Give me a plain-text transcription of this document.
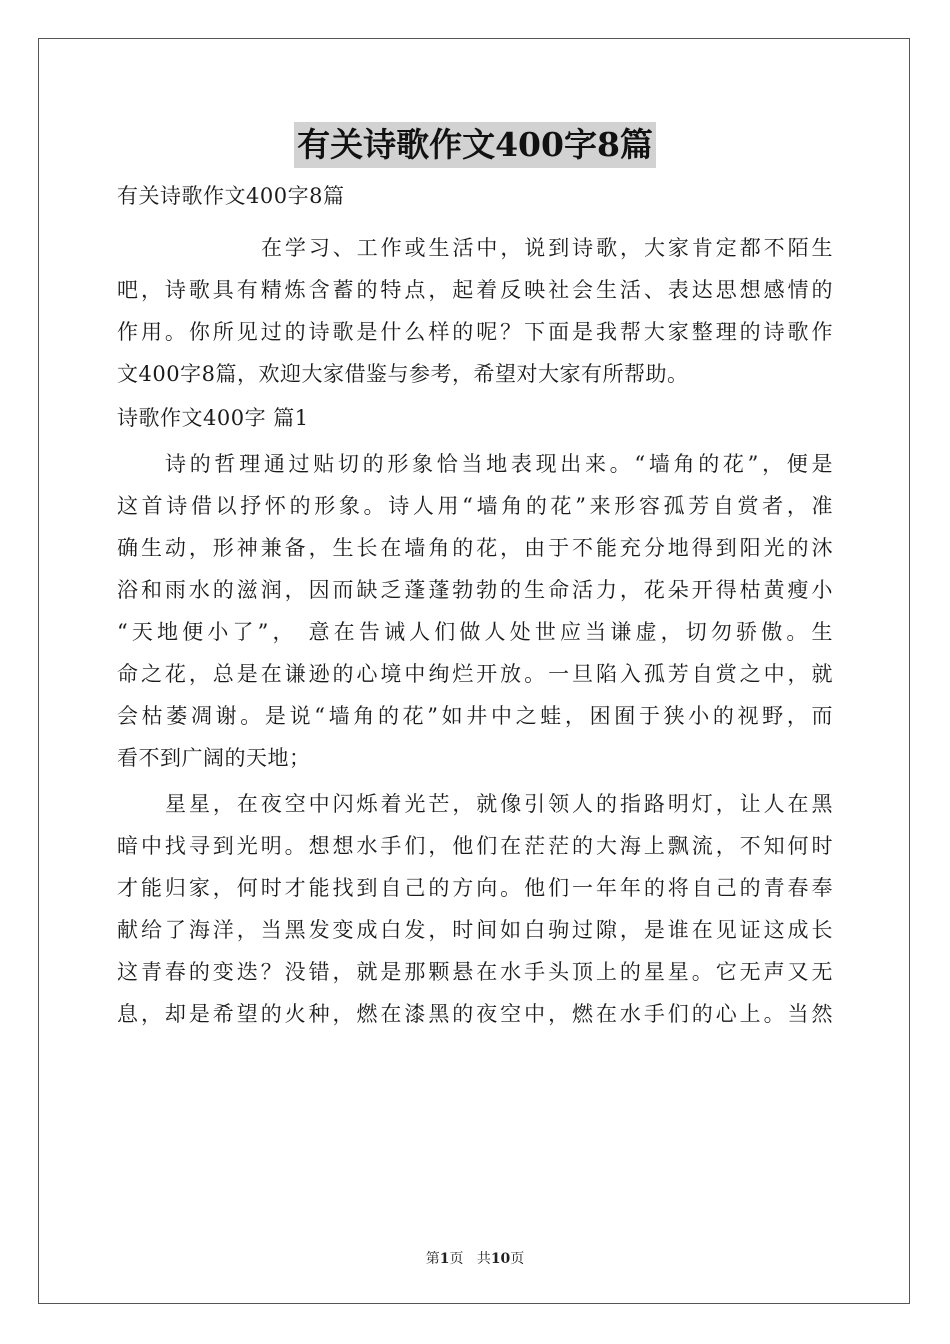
有关诗歌作文400字8篇
有关诗歌作文400字8篇
在学习、工作或生活中，说到诗歌，大家肯定都不陌生
吧，诗歌具有精炼含蓄的特点，起着反映社会生活、表达思想感情的
作用。你所见过的诗歌是什么样的呢？下面是我帮大家整理的诗歌作
文400字8篇，欢迎大家借鉴与参考，希望对大家有所帮助。
诗歌作文400字 篇1
诗的哲理通过贴切的形象恰当地表现出来。“墙角的花”，便是
这首诗借以抒怀的形象。诗人用“墙角的花”来形容孤芳自赏者，准
确生动，形神兼备，生长在墙角的花，由于不能充分地得到阳光的沐
浴和雨水的滋润，因而缺乏蓬蓬勃勃的生命活力，花朵开得枯黄瘦小
“天地便小了”， 意在告诫人们做人处世应当谦虚，切勿骄傲。生
命之花，总是在谦逊的心境中绚烂开放。一旦陷入孤芳自赏之中，就
会枯萎凋谢。是说“墙角的花”如井中之蛙，困囿于狭小的视野，而
看不到广阔的天地；
星星，在夜空中闪烁着光芒，就像引领人的指路明灯，让人在黑
暗中找寻到光明。想想水手们，他们在茫茫的大海上飘流，不知何时
才能归家，何时才能找到自己的方向。他们一年年的将自己的青春奉
献给了海洋，当黑发变成白发，时间如白驹过隙，是谁在见证这成长
这青春的变迭？没错，就是那颗悬在水手头顶上的星星。它无声又无
息，却是希望的火种，燃在漆黑的夜空中，燃在水手们的心上。当然
第1页 共10页
